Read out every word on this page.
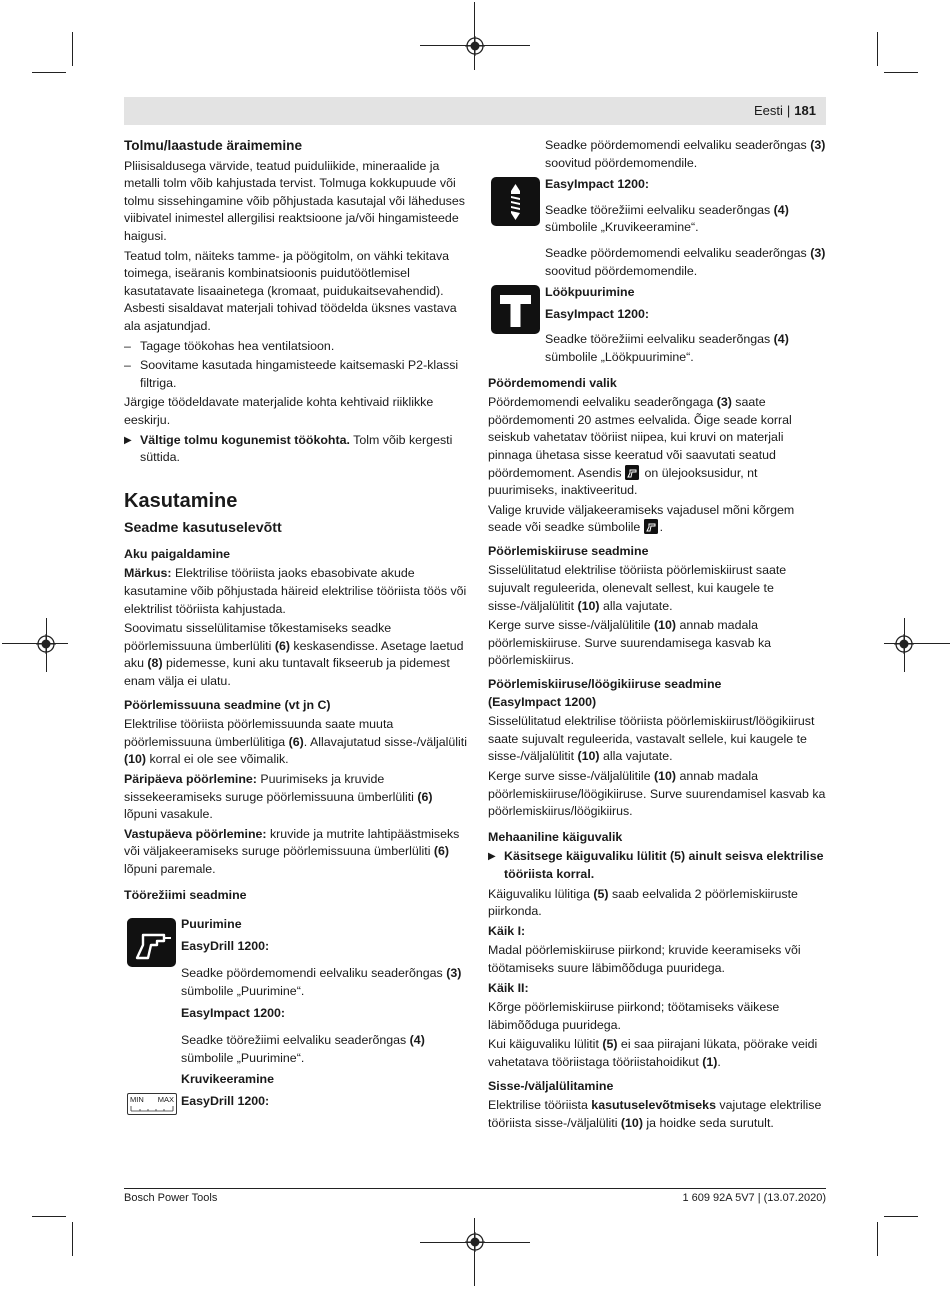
Eesti | 181
Tolmu/laastude äraimemine

Pliisisaldusega värvide, teatud puiduliikide, mineraalide ja metalli tolm võib kahjustada tervist. Tolmuga kokkupuude või tolmu sissehingamine võib põhjustada kasutajal või läheduses viibivatel inimestel allergilisi reaktsioone ja/või hingamisteede haigusi.

Teatud tolm, näiteks tamme- ja pöögitolm, on vähki tekitava toimega, iseäranis kombinatsioonis puidutöötlemisel kasutatavate lisaainetega (kromaat, puidukaitsevahendid). Asbesti sisaldavat materjali tohivad töödelda üksnes vastava ala asjatundjad.

– Tagage töökohas hea ventilatsioon.
– Soovitame kasutada hingamisteede kaitsemaski P2-klassi filtriga.

Järgige töödeldavate materjalide kohta kehtivaid riiklikke eeskirju.

▶ Vältige tolmu kogunemist töökohta. Tolm võib kergesti süttida.
Kasutamine
Seadme kasutuselevõtt
Aku paigaldamine

Märkus: Elektrilise tööriista jaoks ebasobivate akude kasutamine võib põhjustada häireid elektrilise tööriista töös või elektrilist tööriista kahjustada.

Soovimatu sisselülitamise tõkestamiseks seadke pöörlemissuuna ümberlüliti (6) keskasendisse. Asetage laetud aku (8) pidemesse, kuni aku tuntavalt fikseerub ja pidemest enam välja ei ulatu.

Pöörlemissuuna seadmine (vt jn C)

Elektrilise tööriista pöörlemissuunda saate muuta pöörlemissuuna ümberlülitiga (6). Allavajutatud sisse-/väljalüliti (10) korral ei ole see võimalik.

Päripäeva pöörlemine: Puurimiseks ja kruvide sissekeeramiseks suruge pöörlemissuuna ümberlüliti (6) lõpuni vasakule.

Vastupäeva pöörlemine: kruvide ja mutrite lahtipäästmiseks või väljakeeramiseks suruge pöörlemissuuna ümberlüliti (6) lõpuni paremale.

Töörežiimi seadmine

Puurimine

EasyDrill 1200:

Seadke pöördemomendi eelvaliku seaderõngas (3) sümbolile „Puurimine“.

EasyImpact 1200:

Seadke töörežiimi eelvaliku seaderõngas (4) sümbolile „Puurimine“.

Kruvikeeramine

MIN MAX EasyDrill 1200:

Seadke pöördemomendi eelvaliku seaderõngas (3) soovitud pöördemomendile.

EasyImpact 1200:

Seadke töörežiimi eelvaliku seaderõngas (4) sümbolile „Kruvikeeramine“.

Seadke pöördemomendi eelvaliku seaderõngas (3) soovitud pöördemomendile.

Löökpuurimine

EasyImpact 1200:

Seadke töörežiimi eelvaliku seaderõngas (4) sümbolile „Löökpuurimine“.

Pöördemomendi valik

Pöördemomendi eelvaliku seaderõngaga (3) saate pöördemomenti 20 astmes eelvalida. Õige seade korral seiskub vahetatav tööriist niipea, kui kruvi on materjali pinnaga ühetasa sisse keeratud või saavutati seatud pöördemoment. Asendis  on ülejooksusidur, nt puurimiseks, inaktiveeritud.

Valige kruvide väljakeeramiseks vajadusel mõni kõrgem seade või seadke sümbolile .

Pöörlemiskiiruse seadmine

Sisselülitatud elektrilise tööriista pöörlemiskiirust saate sujuvalt reguleerida, olenevalt sellest, kui kaugele te sisse-/väljalülitit (10) alla vajutate.

Kerge surve sisse-/väljalülitile (10) annab madala pöörlemiskiiruse. Surve suurendamisega kasvab ka pöörlemiskiirus.

Pöörlemiskiiruse/löögikiiruse seadmine
(EasyImpact 1200)

Sisselülitatud elektrilise tööriista pöörlemiskiirust/löögikiirust saate sujuvalt reguleerida, vastavalt sellele, kui kaugele te sisse-/väljalülitit (10) alla vajutate.

Kerge surve sisse-/väljalülitile (10) annab madala pöörlemiskiiruse/löögikiiruse. Surve suurendamisel kasvab ka pöörlemiskiirus/löögikiirus.

Mehaaniline käiguvalik
▶ Käsitsege käiguvaliku lülitit (5) ainult seisva elektrilise tööriista korral.

Käiguvaliku lülitiga (5) saab eelvalida 2 pöörlemiskiiruste piirkonda.

Käik I:

Madal pöörlemiskiiruse piirkond; kruvide keeramiseks või töötamiseks suure läbimõõduga puuridega.

Käik II:

Kõrge pöörlemiskiiruse piirkond; töötamiseks väikese läbimõõduga puuridega.

Kui käiguvaliku lülitit (5) ei saa piirajani lükata, pöörake veidi vahetatava tööriistaga tööriistahoidikut (1).

Sisse-/väljalülitamine

Elektrilise tööriista kasutuselevõtmiseks vajutage elektrilise tööriista sisse-/väljalüliti (10) ja hoidke seda surutult.

Bosch Power Tools	1 609 92A 5V7 | (13.07.2020)
